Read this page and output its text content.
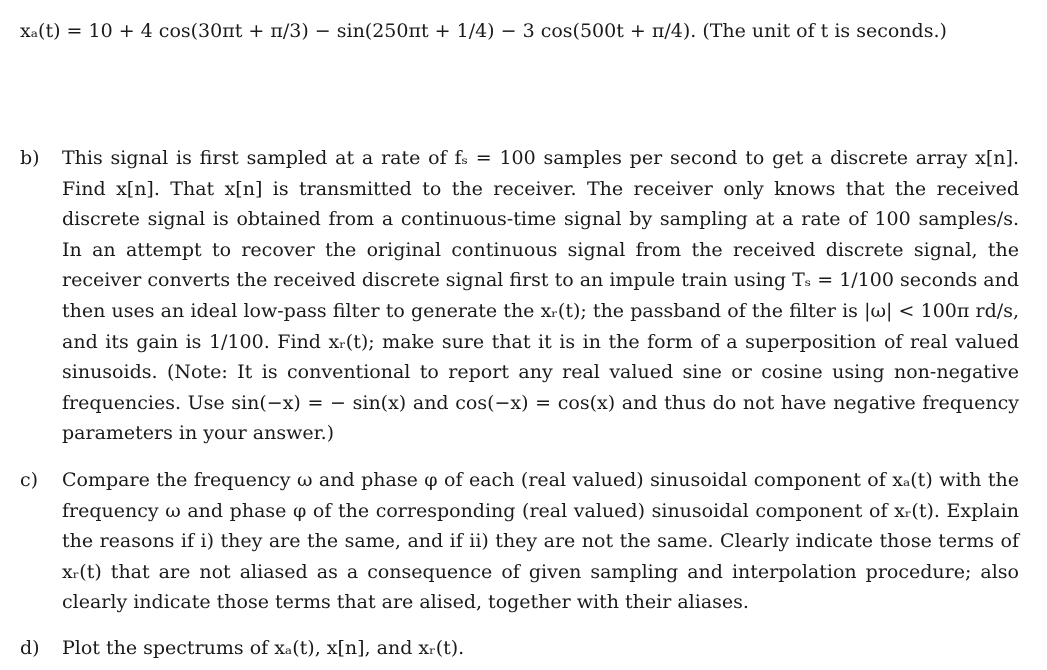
xₐ(t) = 10 + 4 cos(30πt + π/3) − sin(250πt + 1/4) − 3 cos(500t + π/4). (The unit of t is seconds.)
b)	This signal is first sampled at a rate of fₛ = 100 samples per second to get a discrete array x[n]. Find x[n]. That x[n] is transmitted to the receiver. The receiver only knows that the received discrete signal is obtained from a continuous-time signal by sampling at a rate of 100 samples/s. In an attempt to recover the original continuous signal from the received discrete signal, the receiver converts the received discrete signal first to an impule train using Tₛ = 1/100 seconds and then uses an ideal low-pass filter to generate the xᵣ(t); the passband of the filter is |ω| < 100π rd/s, and its gain is 1/100. Find xᵣ(t); make sure that it is in the form of a superposition of real valued sinusoids. (Note: It is conventional to report any real valued sine or cosine using non-negative frequencies. Use sin(−x) = − sin(x) and cos(−x) = cos(x) and thus do not have negative frequency parameters in your answer.)
c)	Compare the frequency ω and phase φ of each (real valued) sinusoidal component of xₐ(t) with the frequency ω and phase φ of the corresponding (real valued) sinusoidal component of xᵣ(t). Explain the reasons if i) they are the same, and if ii) they are not the same. Clearly indicate those terms of xᵣ(t) that are not aliased as a consequence of given sampling and interpolation procedure; also clearly indicate those terms that are alised, together with their aliases.
d)	Plot the spectrums of xₐ(t), x[n], and xᵣ(t).
